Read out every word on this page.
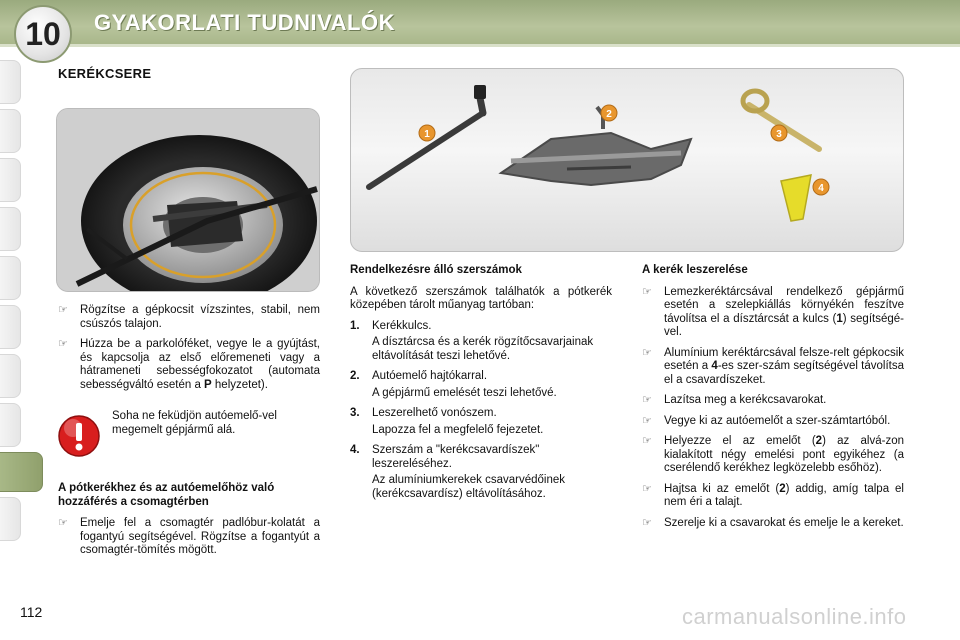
10	GYAKORLATI TUDNIVALÓK
KERÉKCSERE
1
2
3
4
☞	Rögzítse a gépkocsit vízszintes, stabil, nem csúszós talajon.
☞	Húzza be a parkolóféket, vegye le a gyújtást, és kapcsolja az első előremeneti vagy a hátrameneti sebességfokozatot (automata sebességváltó esetén a P helyzetet).
Soha ne feküdjön autóemelő-vel megemelt gépjármű alá.
A pótkerékhez és az autóemelőhöz való hozzáférés a csomagtérben
☞	Emelje fel a csomagtér padlóbur-kolatát a fogantyú segítségével. Rögzítse a fogantyút a csomagtér-tömítés mögött.
Rendelkezésre álló szerszámok

A következő szerszámok találhatók a pótkerék közepében tárolt műanyag tartóban:

1.	Kerékkulcs.
A dísztárcsa és a kerék rögzítőcsavarjainak eltávolítását teszi lehetővé.
2.	Autóemelő hajtókarral.
A gépjármű emelését teszi lehetővé.
3.	Leszerelhető vonószem.
Lapozza fel a megfelelő fejezetet.
4.	Szerszám a "kerékcsavardíszek" leszereléséhez.
Az alumíniumkerekek csavarvédőinek (kerékcsavardísz) eltávolításához.
A kerék leszerelése
☞	Lemezkeréktárcsával rendelkező gépjármű esetén a szelepkiállás környékén feszítve távolítsa el a dísztárcsát a kulcs (1) segítségé-vel.
☞	Alumínium keréktárcsával felsze-relt gépkocsik esetén a 4-es szer-szám segítségével távolítsa el a csavardíszeket.
☞	Lazítsa meg a kerékcsavarokat.
☞	Vegye ki az autóemelőt a szer-számtartóból.
☞	Helyezze el az emelőt (2) az alvá-zon kialakított négy emelési pont egyikéhez (a cserélendő kerékhez legközelebb esőhöz).
☞	Hajtsa ki az emelőt (2) addig, amíg talpa el nem éri a talajt.
☞	Szerelje ki a csavarokat és emelje le a kereket.
112	carmanualsonline.info
